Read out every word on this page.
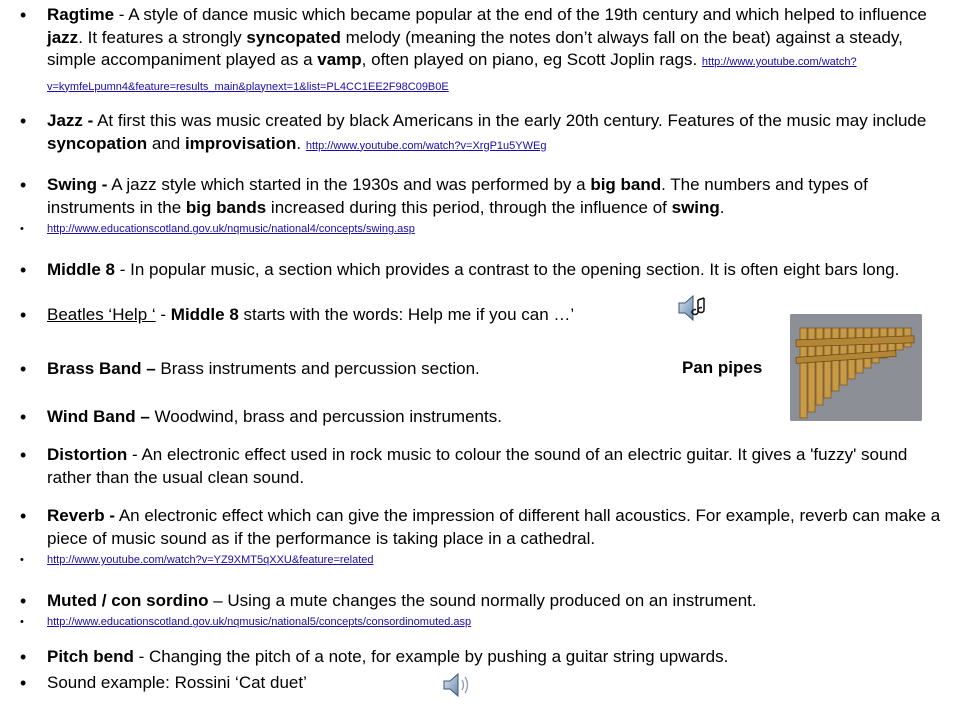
• Ragtime - A style of dance music which became popular at the end of the 19th century and which helped to influence jazz. It features a strongly syncopated melody (meaning the notes don’t always fall on the beat) against a steady, simple accompaniment played as a vamp, often played on piano, eg Scott Joplin rags. http://www.youtube.com/watch?v=kymfeLpumn4&feature=results_main&playnext=1&list=PL4CC1EE2F98C09B0E
• Jazz - At first this was music created by black Americans in the early 20th century. Features of the music may include syncopation and improvisation. http://www.youtube.com/watch?v=XrgP1u5YWEg
• Swing - A jazz style which started in the 1930s and was performed by a big band. The numbers and types of instruments in the big bands increased during this period, through the influence of swing.
• http://www.educationscotland.gov.uk/nqmusic/national4/concepts/swing.asp
• Middle 8 - In popular music, a section which provides a contrast to the opening section. It is often eight bars long.
• Beatles ‘Help ‘ - Middle 8 starts with the words: Help me if you can …’
• Brass Band – Brass instruments and percussion section.	Pan pipes
• Wind Band – Woodwind, brass and percussion instruments.
• Distortion - An electronic effect used in rock music to colour the sound of an electric guitar. It gives a 'fuzzy' sound rather than the usual clean sound.
• Reverb - An electronic effect which can give the impression of different hall acoustics. For example, reverb can make a piece of music sound as if the performance is taking place in a cathedral.
• http://www.youtube.com/watch?v=YZ9XMT5qXXU&feature=related
• Muted / con sordino – Using a mute changes the sound normally produced on an instrument.
• http://www.educationscotland.gov.uk/nqmusic/national5/concepts/consordinomuted.asp
• Pitch bend - Changing the pitch of a note, for example by pushing a guitar string upwards.
• Sound example: Rossini ‘Cat duet’
